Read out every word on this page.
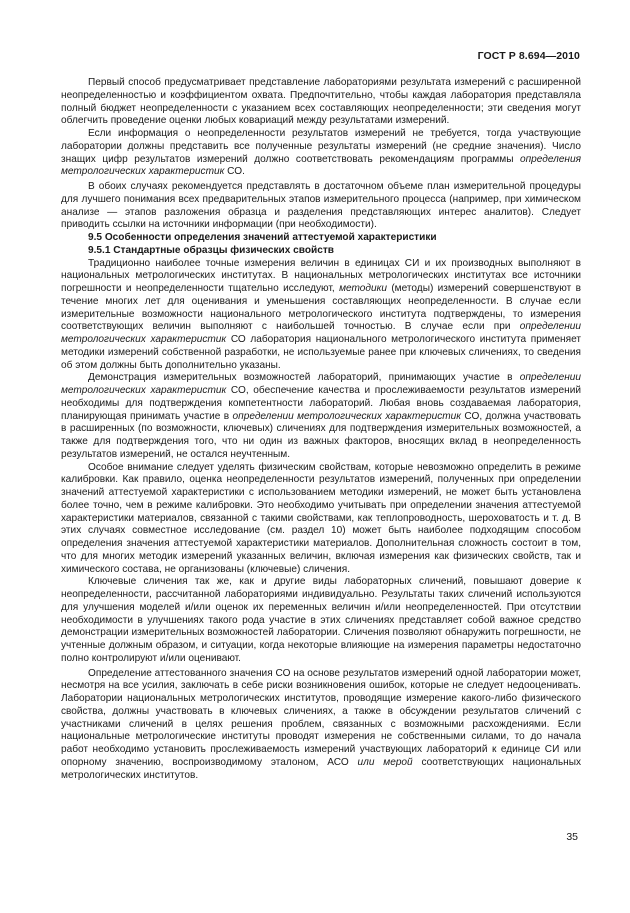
ГОСТ Р 8.694—2010

Первый способ предусматривает представление лабораториями результата измерений с расширенной неопределенностью и коэффициентом охвата. Предпочтительно, чтобы каждая лаборатория представляла полный бюджет неопределенности с указанием всех составляющих неопределенности; эти сведения могут облегчить проведение оценки любых ковариаций между результатами измерений.

Если информация о неопределенности результатов измерений не требуется, тогда участвующие лаборатории должны представить все полученные результаты измерений (не средние значения). Число знащих цифр результатов измерений должно соответствовать рекомендациям программы определения метрологических характеристик СО.

В обоих случаях рекомендуется представлять в достаточном объеме план измерительной процедуры для лучшего понимания всех предварительных этапов измерительного процесса (например, при химическом анализе — этапов разложения образца и разделения представляющих интерес аналитов). Следует приводить ссылки на источники информации (при необходимости).

9.5 Особенности определения значений аттестуемой характеристики
9.5.1 Стандартные образцы физических свойств

Традиционно наиболее точные измерения величин в единицах СИ и их производных выполняют в национальных метрологических институтах. В национальных метрологических институтах все источники погрешности и неопределенности тщательно исследуют, методики (методы) измерений совершенствуют в течение многих лет для оценивания и уменьшения составляющих неопределенности. В случае если измерительные возможности национального метрологического института подтверждены, то измерения соответствующих величин выполняют с наибольшей точностью. В случае если при определении метрологических характеристик СО лаборатория национального метрологического института применяет методики измерений собственной разработки, не используемые ранее при ключевых сличениях, то сведения об этом должны быть дополнительно указаны.

Демонстрация измерительных возможностей лабораторий, принимающих участие в определении метрологических характеристик СО, обеспечение качества и прослеживаемости результатов измерений необходимы для подтверждения компетентности лабораторий. Любая вновь создаваемая лаборатория, планирующая принимать участие в определении метрологических характеристик СО, должна участвовать в расширенных (по возможности, ключевых) сличениях для подтверждения измерительных возможностей, а также для подтверждения того, что ни один из важных факторов, вносящих вклад в неопределенность результатов измерений, не остался неучтенным.

Особое внимание следует уделять физическим свойствам, которые невозможно определить в режиме калибровки. Как правило, оценка неопределенности результатов измерений, полученных при определении значений аттестуемой характеристики с использованием методики измерений, не может быть установлена более точно, чем в режиме калибровки. Это необходимо учитывать при определении значения аттестуемой характеристики материалов, связанной с такими свойствами, как теплопроводность, шероховатость и т. д. В этих случаях совместное исследование (см. раздел 10) может быть наиболее подходящим способом определения значения аттестуемой характеристики материалов. Дополнительная сложность состоит в том, что для многих методик измерений указанных величин, включая измерения как физических свойств, так и химического состава, не организованы (ключевые) сличения.

Ключевые сличения так же, как и другие виды лабораторных сличений, повышают доверие к неопределенности, рассчитанной лабораториями индивидуально. Результаты таких сличений используются для улучшения моделей и/или оценок их переменных величин и/или неопределенностей. При отсутствии необходимости в улучшениях такого рода участие в этих сличениях представляет собой важное средство демонстрации измерительных возможностей лаборатории. Сличения позволяют обнаружить погрешности, не учтенные должным образом, и ситуации, когда некоторые влияющие на измерения параметры недостаточно полно контролируют и/или оценивают.

Определение аттестованного значения СО на основе результатов измерений одной лаборатории может, несмотря на все усилия, заключать в себе риски возникновения ошибок, которые не следует недооценивать. Лаборатории национальных метрологических институтов, проводящие измерение какого-либо физического свойства, должны участвовать в ключевых сличениях, а также в обсуждении результатов сличений с участниками сличений в целях решения проблем, связанных с возможными расхождениями. Если национальные метрологические институты проводят измерения не собственными силами, то до начала работ необходимо установить прослеживаемость измерений участвующих лабораторий к единице СИ или опорному значению, воспроизводимому эталоном, АСО или мерой соответствующих национальных метрологических институтов.

35
